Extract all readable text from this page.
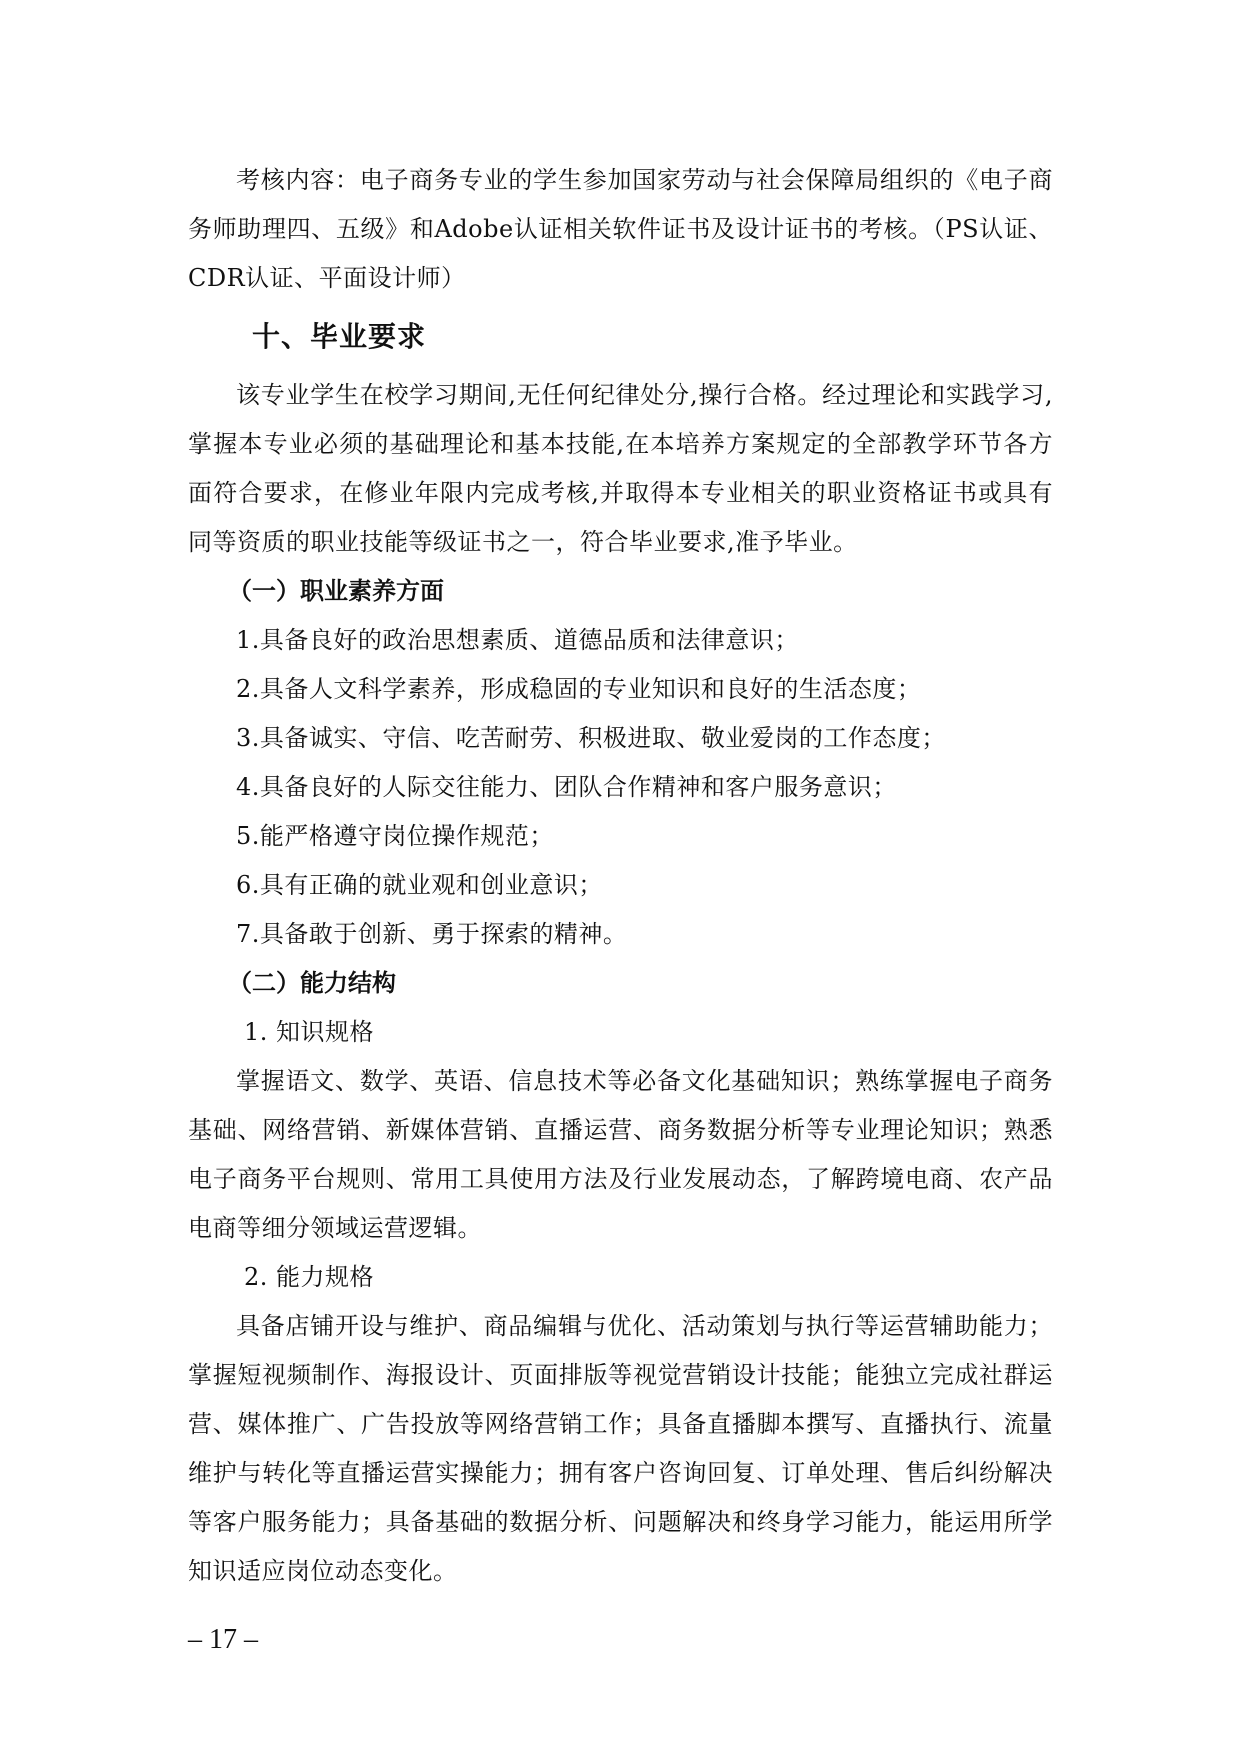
考核内容：电子商务专业的学生参加国家劳动与社会保障局组织的《电子商务师助理四、五级》和Adobe认证相关软件证书及设计证书的考核。（PS认证、CDR认证、平面设计师）

十、毕业要求

该专业学生在校学习期间,无任何纪律处分,操行合格。经过理论和实践学习,掌握本专业必须的基础理论和基本技能,在本培养方案规定的全部教学环节各方面符合要求，在修业年限内完成考核,并取得本专业相关的职业资格证书或具有同等资质的职业技能等级证书之一，符合毕业要求,准予毕业。

（一）职业素养方面

1.具备良好的政治思想素质、道德品质和法律意识；

2.具备人文科学素养，形成稳固的专业知识和良好的生活态度；

3.具备诚实、守信、吃苦耐劳、积极进取、敬业爱岗的工作态度；

4.具备良好的人际交往能力、团队合作精神和客户服务意识；

5.能严格遵守岗位操作规范；

6.具有正确的就业观和创业意识；

7.具备敢于创新、勇于探索的精神。

（二）能力结构

1. 知识规格

掌握语文、数学、英语、信息技术等必备文化基础知识；熟练掌握电子商务基础、网络营销、新媒体营销、直播运营、商务数据分析等专业理论知识；熟悉电子商务平台规则、常用工具使用方法及行业发展动态，了解跨境电商、农产品电商等细分领域运营逻辑。

2. 能力规格

具备店铺开设与维护、商品编辑与优化、活动策划与执行等运营辅助能力；掌握短视频制作、海报设计、页面排版等视觉营销设计技能；能独立完成社群运营、媒体推广、广告投放等网络营销工作；具备直播脚本撰写、直播执行、流量维护与转化等直播运营实操能力；拥有客户咨询回复、订单处理、售后纠纷解决等客户服务能力；具备基础的数据分析、问题解决和终身学习能力，能运用所学知识适应岗位动态变化。

– 17 –
